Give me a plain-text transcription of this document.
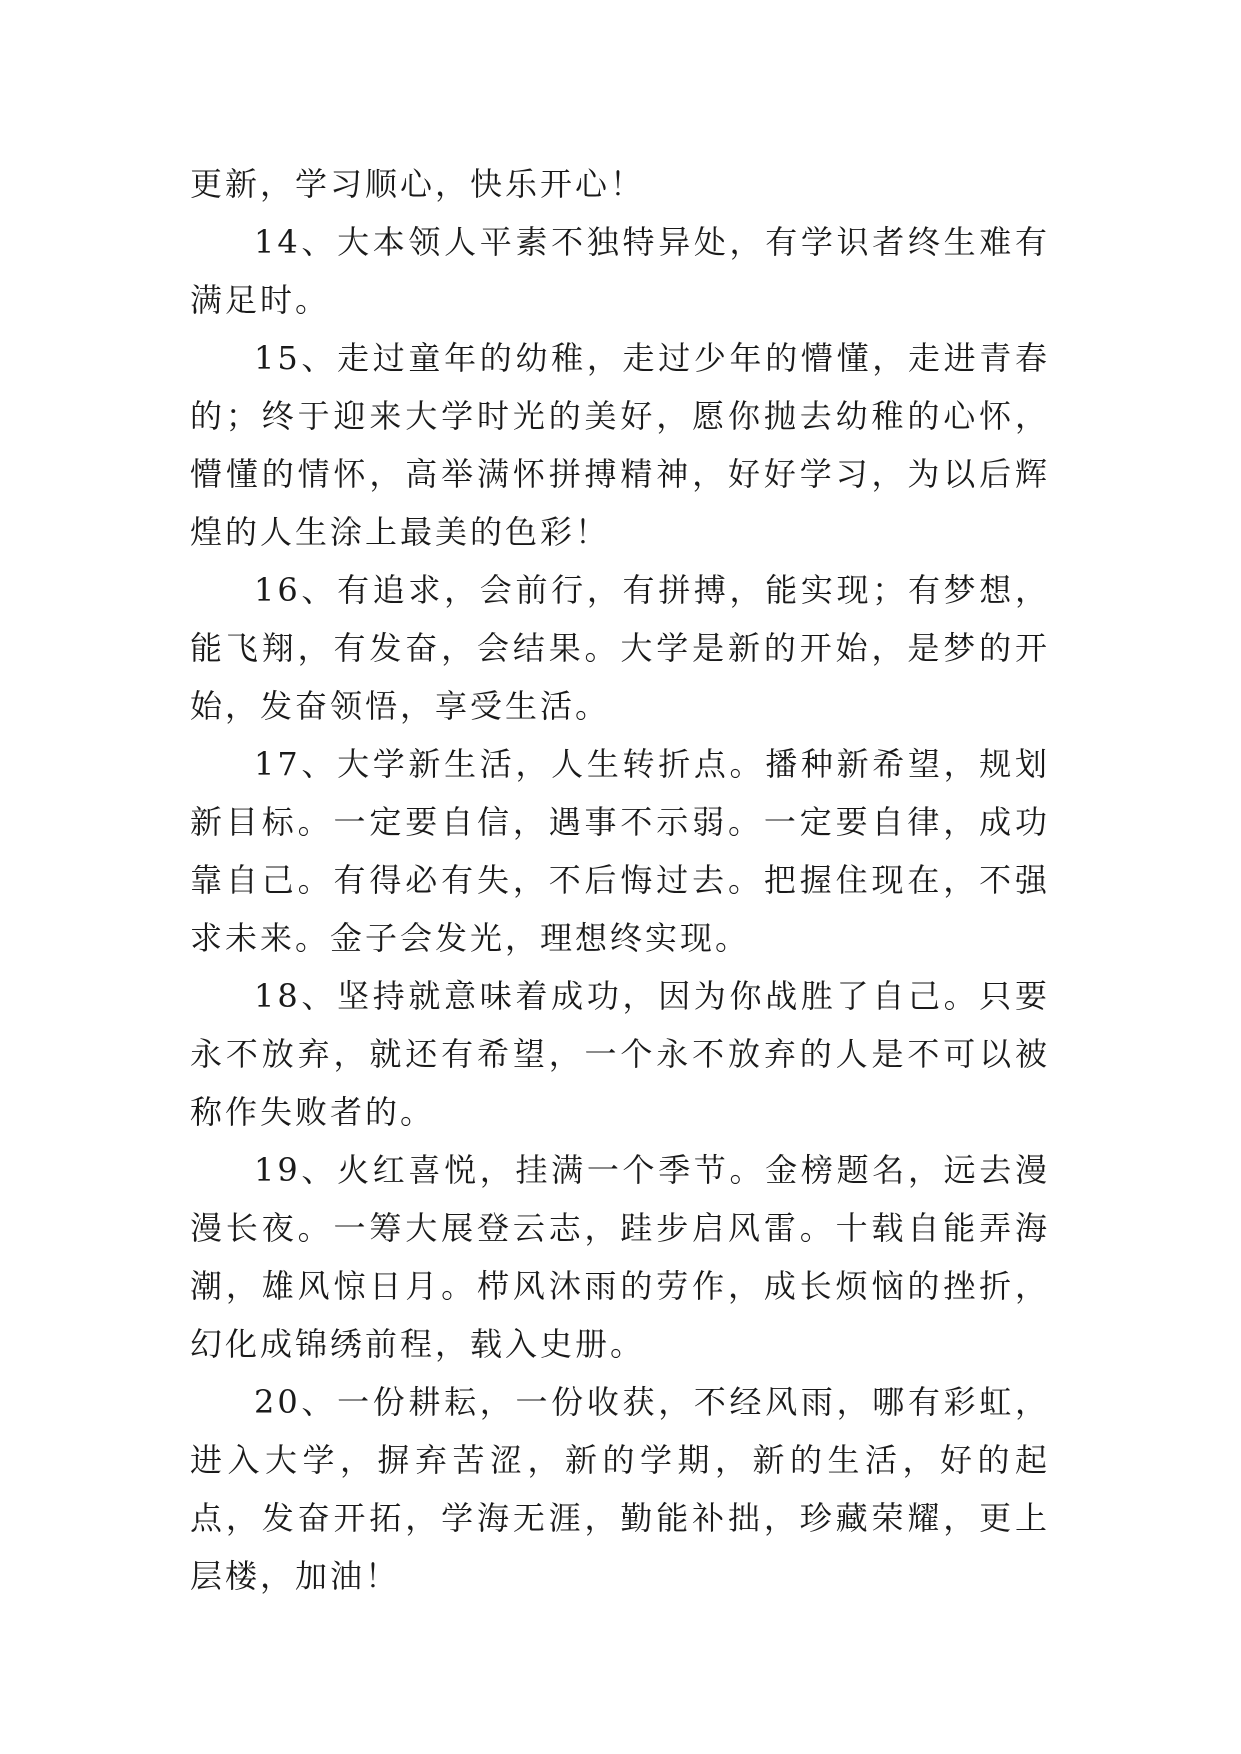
更新，学习顺心，快乐开心！

14、大本领人平素不独特异处，有学识者终生难有满足时。

15、走过童年的幼稚，走过少年的懵懂，走进青春的；终于迎来大学时光的美好，愿你抛去幼稚的心怀，懵懂的情怀，高举满怀拼搏精神，好好学习，为以后辉煌的人生涂上最美的色彩！

16、有追求，会前行，有拼搏，能实现；有梦想，能飞翔，有发奋，会结果。大学是新的开始，是梦的开始，发奋领悟，享受生活。

17、大学新生活，人生转折点。播种新希望，规划新目标。一定要自信，遇事不示弱。一定要自律，成功靠自己。有得必有失，不后悔过去。把握住现在，不强求未来。金子会发光，理想终实现。

18、坚持就意味着成功，因为你战胜了自己。只要永不放弃，就还有希望，一个永不放弃的人是不可以被称作失败者的。

19、火红喜悦，挂满一个季节。金榜题名，远去漫漫长夜。一筹大展登云志，跬步启风雷。十载自能弄海潮，雄风惊日月。栉风沐雨的劳作，成长烦恼的挫折，幻化成锦绣前程，载入史册。

20、一份耕耘，一份收获，不经风雨，哪有彩虹，进入大学，摒弃苦涩，新的学期，新的生活，好的起点，发奋开拓，学海无涯，勤能补拙，珍藏荣耀，更上层楼，加油！
